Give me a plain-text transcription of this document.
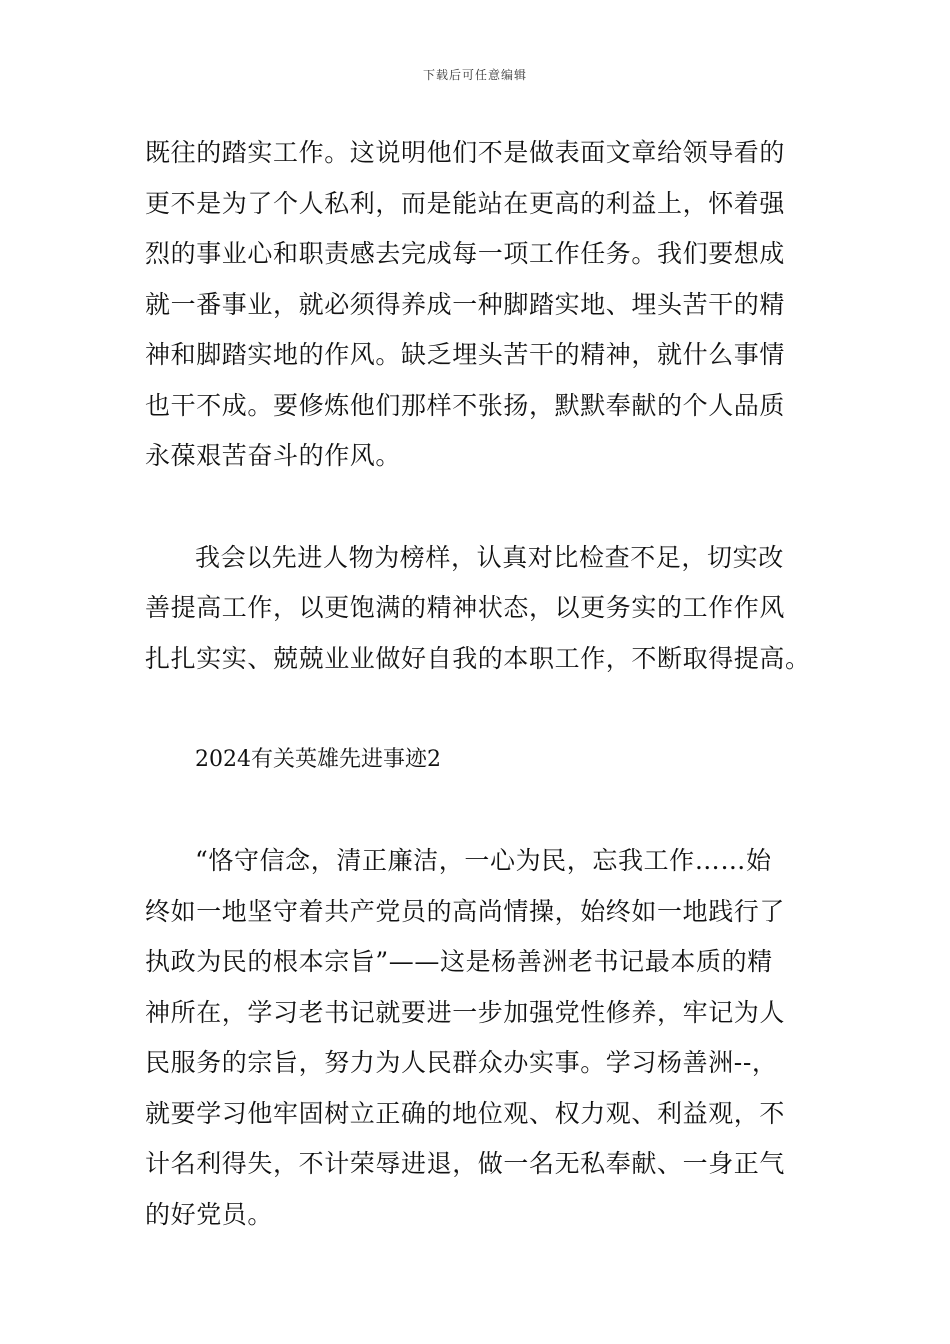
下载后可任意编辑

既往的踏实工作。这说明他们不是做表面文章给领导看的
更不是为了个人私利，而是能站在更高的利益上，怀着强
烈的事业心和职责感去完成每一项工作任务。我们要想成
就一番事业，就必须得养成一种脚踏实地、埋头苦干的精
神和脚踏实地的作风。缺乏埋头苦干的精神，就什么事情
也干不成。要修炼他们那样不张扬，默默奉献的个人品质
永葆艰苦奋斗的作风。

我会以先进人物为榜样，认真对比检查不足，切实改
善提高工作，以更饱满的精神状态，以更务实的工作作风
扎扎实实、兢兢业业做好自我的本职工作，不断取得提高。

2024有关英雄先进事迹2

“恪守信念，清正廉洁，一心为民，忘我工作……始
终如一地坚守着共产党员的高尚情操，始终如一地践行了
执政为民的根本宗旨”——这是杨善洲老书记最本质的精
神所在，学习老书记就要进一步加强党性修养，牢记为人
民服务的宗旨，努力为人民群众办实事。学习杨善洲--，
就要学习他牢固树立正确的地位观、权力观、利益观，不
计名利得失，不计荣辱进退，做一名无私奉献、一身正气
的好党员。
